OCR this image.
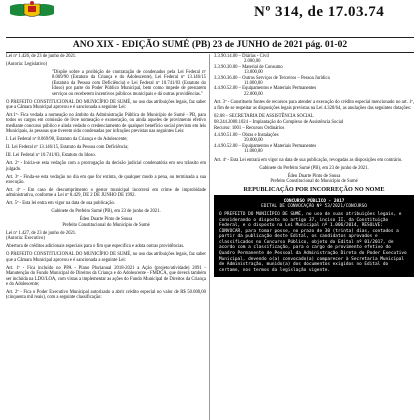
Nº 314, de 17.03.74
ANO XIX - EDIÇÃO SUMÉ (PB) 23 de JUNHO de 2021 pág. 01-02

Lei nº 1.426, de 23 de junho de 2021.

(Autoria: Legislativo)

"Dispõe sobre a proibição de contratação de condenados pela Lei Federal nº 8.069/90 (Estatuto da Criança e do Adolescente), Lei Federal nº 13.146/15 (Estatuto da Pessoa com Deficiência) e Lei Federal nº 10.741/03 (Estatuto do Idoso) por parte do Poder Público Municipal, bem como impede de prestarem serviços ou receberem incentivos públicos municipais e dá outras providências."

O PREFEITO CONSTITUCIONAL DO MUNICÍPIO DE SUMÉ, no uso das atribuições legais, faz saber que a Câmara Municipal aprovou e é sancionada a seguinte Lei:

Art.1º- Fica vedada a nomeação no âmbito da Administração Pública do Município de Sumé - PB, para todos os cargos em comissão de livre nomeação e exoneração, ou ainda aqueles de provimento efetivo mediante concurso público e ainda vedado o credenciamento de qualquer benefício social previsto em leis Municipais, às pessoas que tiverem sido condenadas por infrações previstas nas seguintes Leis:

I. Lei Federal nº 8.069/90, Estatuto da Criança e do Adolescente;

II. Lei Federal nº 13.146/15, Estatuto da Pessoa com Deficiência;

III. Lei Federal nº 10.741/03, Estatuto do Idoso.

Art. 2º - Inicia-se esta vedação com a prorrogação da decisão judicial condenatória em seu trânsito em julgado.

Art. 3º - Finda-se esta vedação no dia em que for extinta, de qualquer modo a pena, ou terminada a sua execução.

Art. 4º - Em caso de descumprimento o gestor municipal incorrerá em crime de improbidade administrativa, conforme a Lei nº 8.429, DE 2 DE JUNHO DE 1992.

Art. 5º - Esta lei entra em vigor na data de sua publicação.

Gabinete do Prefeito Sumé (PB), em 23 de junho de 2021.

Éden Duarte Pinto de Sousa

Prefeito Constitucional do Município de Sumé

Lei nº 1.427, de 23 de junho de 2021.

(Autoria: Executivo)

Abertura de créditos adicionais especiais para o fim que especifica e adota outras providências.

O PREFEITO CONSTITUCIONAL DO MUNICÍPIO DE SUMÉ, no uso das atribuições legais, faz saber que a Câmara Municipal aprovou e é sancionada a seguinte Lei:

Art. 1º - Fica incluído no PPA - Plano Plurianual 2018-2021 a Ação (projeto/atividade) 2091 - Manutenção do Fundo Municipal de Direitos da Criança e do Adolescente - FMDCA, que deverá também ser incluída na LDO/LOA, com vistas a implementar as ações do Fundo Municipal de Direitos da Criança e do Adolescente;

Art. 2º - Fica o Poder Executivo Municipal autorizado a abrir crédito especial no valor de R$ 50.000,00 (cinquenta mil reais), com a seguinte classificação:

3.3.90.14.00 – Diárias - Civil
2.000,00
3.3.90.30.00 – Material de Consumo
13.000,00
3.3.90.36.00 – Outros Serviços de Terceiros – Pessoa Jurídica
11.000,00
4.4.90.52.00 – Equipamentos e Materiais Permanentes
22.000,00

Art. 3º - Constituem fontes de recursos para atender a execução do crédito especial mencionado no art. 1º, a fim de se respeitar as disposições legais previstas na Lei 4.320/64, as anulações das seguintes dotações:

02.08 – SECRETARIA DE ASSISTÊNCIA SOCIAL

08.244.2008.1024 – Implantação do Complexo de Assistência Social

Recurso: 1001 – Recursos Ordinários

4.4.90.51.00 – Obras e Instalações
39.000,00
4.4.90.52.00 – Equipamentos e Materiais Permanentes
11.000,00

Art. 4º - Esta Lei entrará em vigor na data de sua publicação, revogadas as disposições em contrário.

Gabinete do Prefeito Sumé (PB), em 23 de junho de 2021.

Éden Duarte Pinto de Sousa

Prefeito Constitucional do Município de Sumé

REPUBLICAÇÃO POR INCORREÇÃO NO NOME
CONCURSO PÚBLICO - 2017
EDITAL DE CONVOCAÇÃO Nº 53/2021/CONCURSO
O PREFEITO DO MUNICÍPIO DE SUMÉ, no uso de suas atribuições legais, e considerando o disposto no artigo 37, inciso II, da Constituição Federal, e o disposto na Lei Municipal nº 1.006/2014, RESOLVE: CONVOCAR, para tomar posse, no prazo de 30 (trinta) dias, contados a partir da publicação deste Edital, os candidatos aprovados e classificados no Concurso Público, objeto do Edital nº 01/2017, de acordo com a classificação, para o cargo de provimento efetivo do Quadro Permanente de Pessoal da Administração Direta do Poder Executivo Municipal, devendo o(a) convocado(a) comparecer à Secretaria Municipal de Administração, munido(a) dos documentos exigidos no Edital do certame, nos termos da legislação vigente.
